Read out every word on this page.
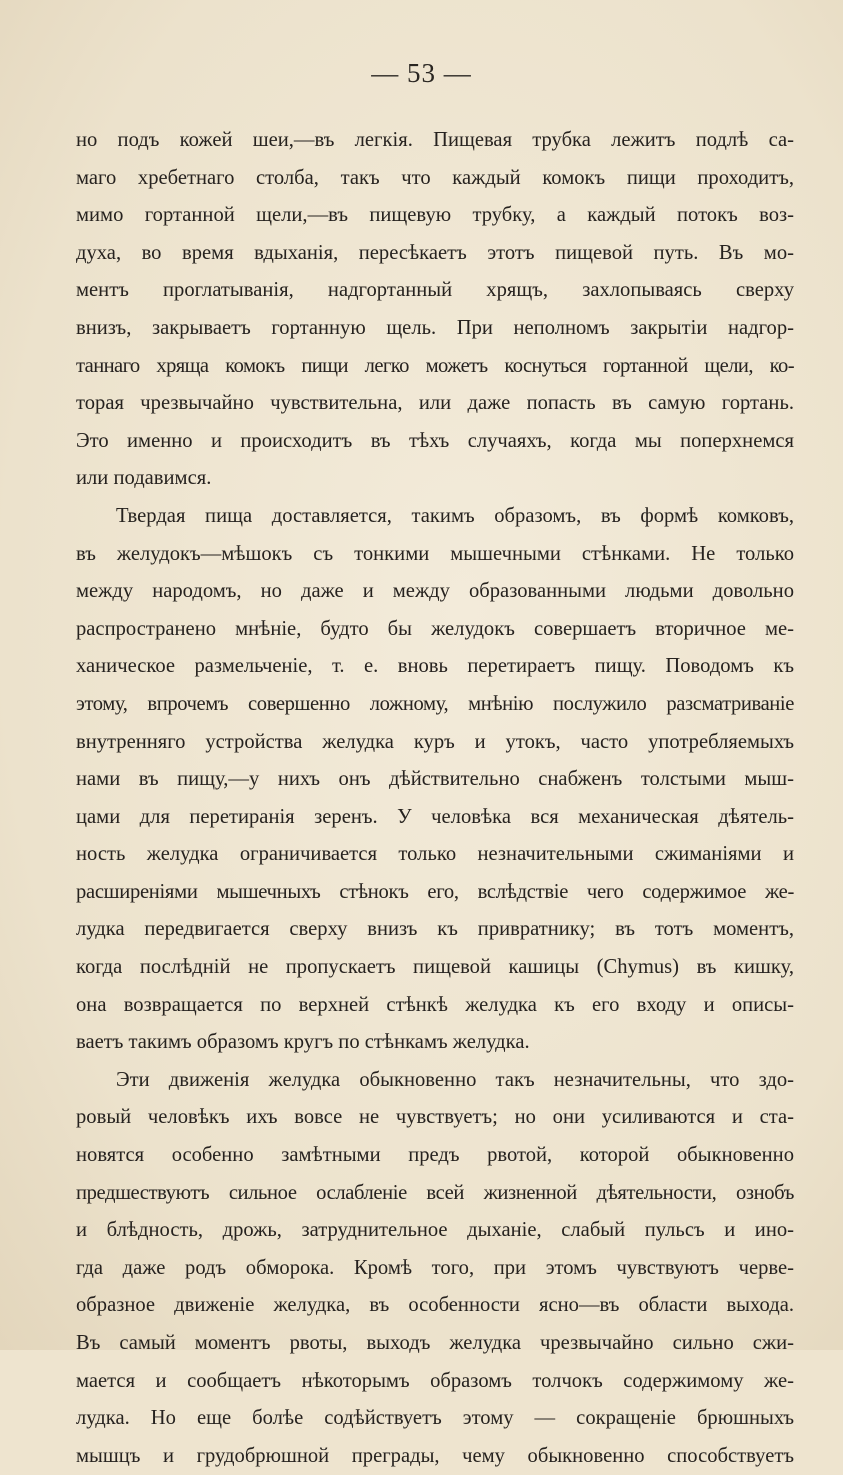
— 53 —
но подъ кожей шеи,—въ легкія. Пищевая трубка лежитъ подлѣ са-
маго хребетнаго столба, такъ что каждый комокъ пищи проходитъ,
мимо гортанной щели,—въ пищевую трубку, а каждый потокъ воз-
духа, во время вдыханія, пересѣкаетъ этотъ пищевой путь. Въ мо-
ментъ проглатыванія, надгортанный хрящъ, захлопываясь сверху
внизъ, закрываетъ гортанную щель. При неполномъ закрытіи надгор-
таннаго хряща комокъ пищи легко можетъ коснуться гортанной щели, ко-
торая чрезвычайно чувствительна, или даже попасть въ самую гортань.
Это именно и происходитъ въ тѣхъ случаяхъ, когда мы поперхнемся
или подавимся.
Твердая пища доставляется, такимъ образомъ, въ формѣ комковъ,
въ желудокъ—мѣшокъ съ тонкими мышечными стѣнками. Не только
между народомъ, но даже и между образованными людьми довольно
распространено мнѣніе, будто бы желудокъ совершаетъ вторичное ме-
ханическое размельченіе, т. е. вновь перетираетъ пищу. Поводомъ къ
этому, впрочемъ совершенно ложному, мнѣнію послужило разсматриваніе
внутренняго устройства желудка куръ и утокъ, часто употребляемыхъ
нами въ пищу,—у нихъ онъ дѣйствительно снабженъ толстыми мыш-
цами для перетиранія зеренъ. У человѣка вся механическая дѣятель-
ность желудка ограничивается только незначительными сжиманіями и
расширеніями мышечныхъ стѣнокъ его, вслѣдствіе чего содержимое же-
лудка передвигается сверху внизъ къ привратнику; въ тотъ моментъ,
когда послѣдній не пропускаетъ пищевой кашицы (Chymus) въ кишку,
она возвращается по верхней стѣнкѣ желудка къ его входу и описы-
ваетъ такимъ образомъ кругъ по стѣнкамъ желудка.
Эти движенія желудка обыкновенно такъ незначительны, что здо-
ровый человѣкъ ихъ вовсе не чувствуетъ; но они усиливаются и ста-
новятся особенно замѣтными предъ рвотой, которой обыкновенно
предшествуютъ сильное ослабленіе всей жизненной дѣятельности, ознобъ
и блѣдность, дрожь, затруднительное дыханіе, слабый пульсъ и ино-
гда даже родъ обморока. Кромѣ того, при этомъ чувствуютъ черве-
образное движеніе желудка, въ особенности ясно—въ области выхода.
Въ самый моментъ рвоты, выходъ желудка чрезвычайно сильно сжи-
мается и сообщаетъ нѣкоторымъ образомъ толчокъ содержимому же-
лудка. Но еще болѣе содѣйствуетъ этому — сокращеніе брюшныхъ
мышцъ и грудобрюшной преграды, чему обыкновенно способствуетъ
